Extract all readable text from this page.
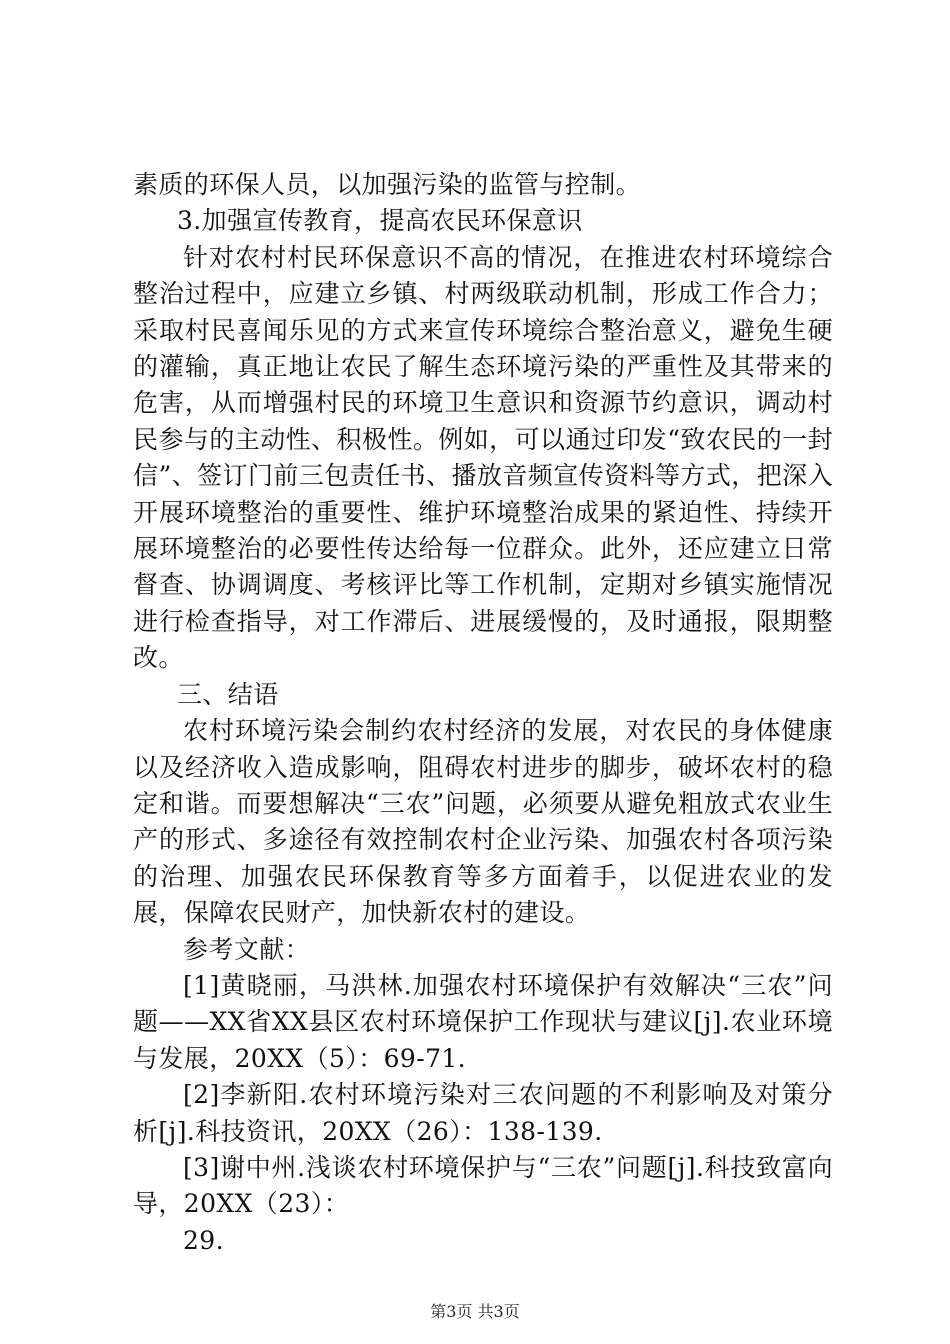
素质的环保人员，以加强污染的监管与控制。

3.加强宣传教育，提高农民环保意识

针对农村村民环保意识不高的情况，在推进农村环境综合整治过程中，应建立乡镇、村两级联动机制，形成工作合力；采取村民喜闻乐见的方式来宣传环境综合整治意义，避免生硬的灌输，真正地让农民了解生态环境污染的严重性及其带来的危害，从而增强村民的环境卫生意识和资源节约意识，调动村民参与的主动性、积极性。例如，可以通过印发“致农民的一封信”、签订门前三包责任书、播放音频宣传资料等方式，把深入开展环境整治的重要性、维护环境整治成果的紧迫性、持续开展环境整治的必要性传达给每一位群众。此外，还应建立日常督查、协调调度、考核评比等工作机制，定期对乡镇实施情况进行检查指导，对工作滞后、进展缓慢的，及时通报，限期整改。

三、结语

农村环境污染会制约农村经济的发展，对农民的身体健康以及经济收入造成影响，阻碍农村进步的脚步，破坏农村的稳定和谐。而要想解决“三农”问题，必须要从避免粗放式农业生产的形式、多途径有效控制农村企业污染、加强农村各项污染的治理、加强农民环保教育等多方面着手，以促进农业的发展，保障农民财产，加快新农村的建设。

参考文献：

[1]黄晓丽，马洪林.加强农村环境保护有效解决“三农”问题——XX省XX县区农村环境保护工作现状与建议[j].农业环境与发展，20XX（5）：69-71.

[2]李新阳.农村环境污染对三农问题的不利影响及对策分析[j].科技资讯，20XX（26）：138-139.

[3]谢中州.浅谈农村环境保护与“三农”问题[j].科技致富向导，20XX（23）：

29.

第3页 共3页
